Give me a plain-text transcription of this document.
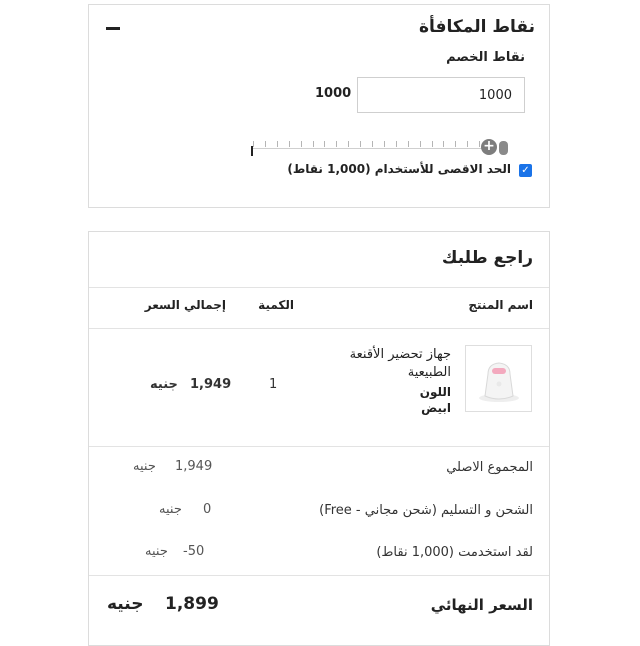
نقاط المكافأة
نقاط الخصم
1000
1000
+
✓
الحد الاقصى للأستخدام (1,000 نقاط)
راجع طلبك
اسم المنتج
الكمية
إجمالي السعر
جهاز تحضير الأقنعة الطبيعية
اللون
ابيض
1
1,949
جنيه
المجموع الاصلي
1,949
جنيه
الشحن و التسليم (شحن مجاني - Free)
0
جنيه
لقد استخدمت (1,000 نقاط)
-50
جنيه
السعر النهائي
1,899
جنيه
